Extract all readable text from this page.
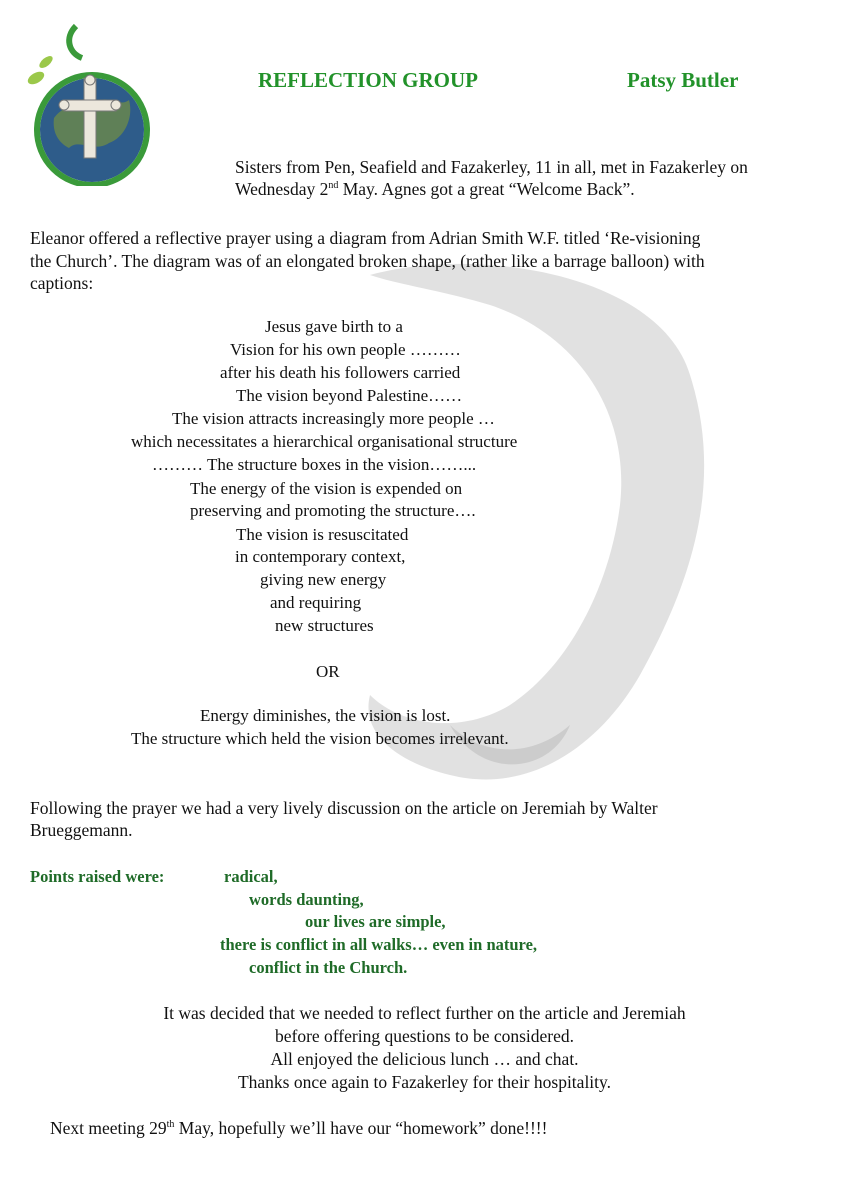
REFLECTION GROUP	Patsy Butler
Sisters from Pen, Seafield and Fazakerley, 11 in all, met in Fazakerley on
Wednesday 2nd May. Agnes got a great “Welcome Back”.
Eleanor offered a reflective prayer using a diagram from Adrian Smith W.F. titled ‘Re-visioning
the Church’. The diagram was of an elongated broken shape, (rather like a barrage balloon) with
captions:
Jesus gave birth to a
Vision for his own people ………
after his death his followers carried
The vision beyond Palestine……
The vision attracts increasingly more people …
which necessitates a hierarchical organisational structure
……… The structure boxes in the vision……...
The energy of the vision is expended on
preserving and promoting the structure….
The vision is resuscitated
in contemporary context,
giving new energy
and requiring
new structures
OR
Energy diminishes, the vision is lost.
The structure which held the vision becomes irrelevant.
Following the prayer we had a very lively discussion on the article on Jeremiah by Walter
Brueggemann.
Points raised were:	radical,
words daunting,
our lives are simple,
there is conflict in all walks… even in nature,
conflict in the Church.
It was decided that we needed to reflect further on the article and Jeremiah
before offering questions to be considered.
All enjoyed the delicious lunch … and chat.
Thanks once again to Fazakerley for their hospitality.
Next meeting 29th May, hopefully we’ll have our “homework” done!!!!
